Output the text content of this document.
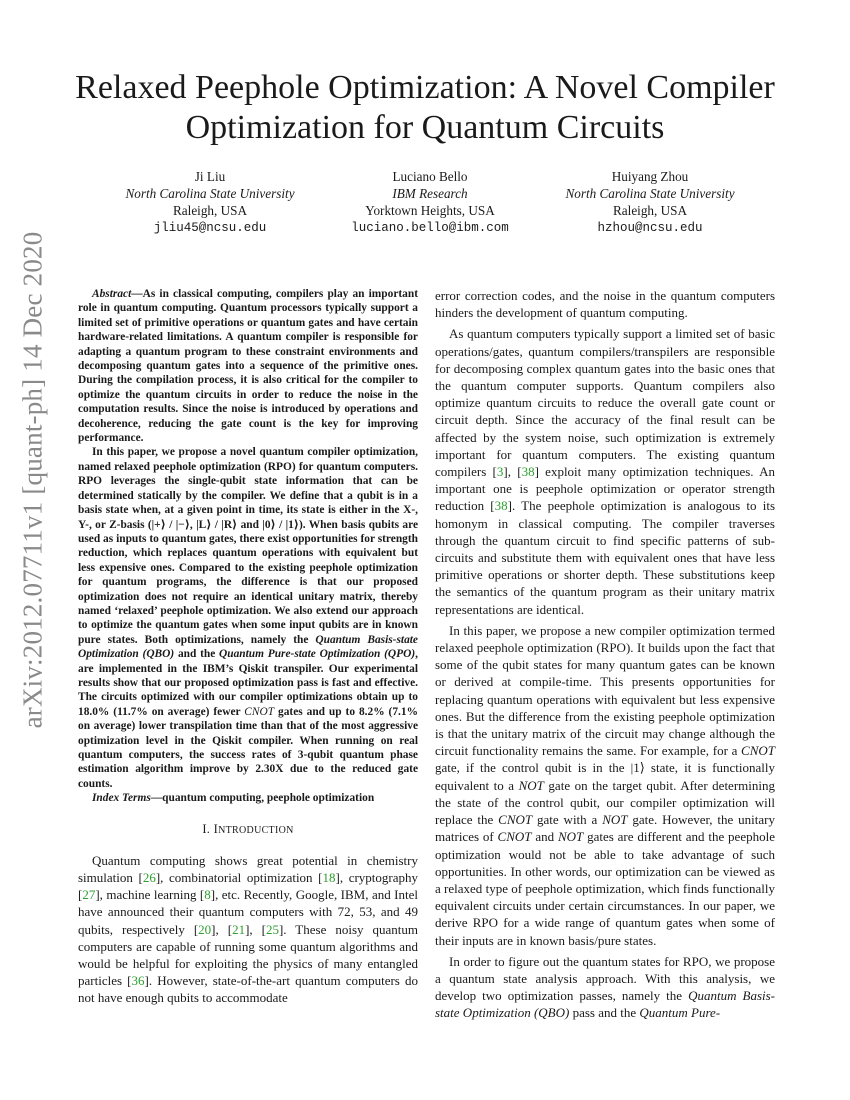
arXiv:2012.07711v1 [quant-ph] 14 Dec 2020
Relaxed Peephole Optimization: A Novel Compiler
Optimization for Quantum Circuits
Ji Liu
North Carolina State University
Raleigh, USA
jliu45@ncsu.edu
Luciano Bello
IBM Research
Yorktown Heights, USA
luciano.bello@ibm.com
Huiyang Zhou
North Carolina State University
Raleigh, USA
hzhou@ncsu.edu

Abstract—As in classical computing, compilers play an important role in quantum computing. Quantum processors typically support a limited set of primitive operations or quantum gates and have certain hardware-related limitations. A quantum compiler is responsible for adapting a quantum program to these constraint environments and decomposing quantum gates into a sequence of the primitive ones. During the compilation process, it is also critical for the compiler to optimize the quantum circuits in order to reduce the noise in the computation results. Since the noise is introduced by operations and decoherence, reducing the gate count is the key for improving performance.

In this paper, we propose a novel quantum compiler optimization, named relaxed peephole optimization (RPO) for quantum computers. RPO leverages the single-qubit state information that can be determined statically by the compiler. We define that a qubit is in a basis state when, at a given point in time, its state is either in the X-, Y-, or Z-basis (|+⟩ / |−⟩, |L⟩ / |R⟩ and |0⟩ / |1⟩). When basis qubits are used as inputs to quantum gates, there exist opportunities for strength reduction, which replaces quantum operations with equivalent but less expensive ones. Compared to the existing peephole optimization for quantum programs, the difference is that our proposed optimization does not require an identical unitary matrix, thereby named ‘relaxed’ peephole optimization. We also extend our approach to optimize the quantum gates when some input qubits are in known pure states. Both optimizations, namely the Quantum Basis-state Optimization (QBO) and the Quantum Pure-state Optimization (QPO), are implemented in the IBM’s Qiskit transpiler. Our experimental results show that our proposed optimization pass is fast and effective. The circuits optimized with our compiler optimizations obtain up to 18.0% (11.7% on average) fewer CNOT gates and up to 8.2% (7.1% on average) lower transpilation time than that of the most aggressive optimization level in the Qiskit compiler. When running on real quantum computers, the success rates of 3-qubit quantum phase estimation algorithm improve by 2.30X due to the reduced gate counts.

Index Terms—quantum computing, peephole optimization

I. INTRODUCTION

Quantum computing shows great potential in chemistry simulation [26], combinatorial optimization [18], cryptography [27], machine learning [8], etc. Recently, Google, IBM, and Intel have announced their quantum computers with 72, 53, and 49 qubits, respectively [20], [21], [25]. These noisy quantum computers are capable of running some quantum algorithms and would be helpful for exploiting the physics of many entangled particles [36]. However, state-of-the-art quantum computers do not have enough qubits to accommodate

error correction codes, and the noise in the quantum computers hinders the development of quantum computing.

As quantum computers typically support a limited set of basic operations/gates, quantum compilers/transpilers are responsible for decomposing complex quantum gates into the basic ones that the quantum computer supports. Quantum compilers also optimize quantum circuits to reduce the overall gate count or circuit depth. Since the accuracy of the final result can be affected by the system noise, such optimization is extremely important for quantum computers. The existing quantum compilers [3], [38] exploit many optimization techniques. An important one is peephole optimization or operator strength reduction [38]. The peephole optimization is analogous to its homonym in classical computing. The compiler traverses through the quantum circuit to find specific patterns of sub-circuits and substitute them with equivalent ones that have less primitive operations or shorter depth. These substitutions keep the semantics of the quantum program as their unitary matrix representations are identical.

In this paper, we propose a new compiler optimization termed relaxed peephole optimization (RPO). It builds upon the fact that some of the qubit states for many quantum gates can be known or derived at compile-time. This presents opportunities for replacing quantum operations with equivalent but less expensive ones. But the difference from the existing peephole optimization is that the unitary matrix of the circuit may change although the circuit functionality remains the same. For example, for a CNOT gate, if the control qubit is in the |1⟩ state, it is functionally equivalent to a NOT gate on the target qubit. After determining the state of the control qubit, our compiler optimization will replace the CNOT gate with a NOT gate. However, the unitary matrices of CNOT and NOT gates are different and the peephole optimization would not be able to take advantage of such opportunities. In other words, our optimization can be viewed as a relaxed type of peephole optimization, which finds functionally equivalent circuits under certain circumstances. In our paper, we derive RPO for a wide range of quantum gates when some of their inputs are in known basis/pure states.

In order to figure out the quantum states for RPO, we propose a quantum state analysis approach. With this analysis, we develop two optimization passes, namely the Quantum Basis-state Optimization (QBO) pass and the Quantum Pure-
